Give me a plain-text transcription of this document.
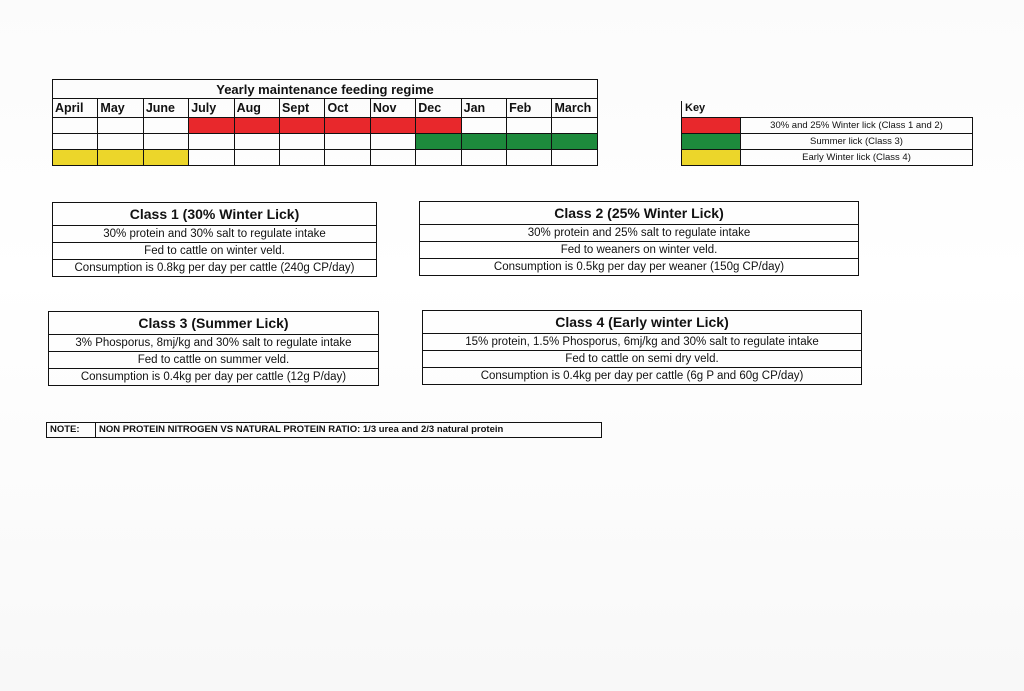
Yearly maintenance feeding regime											
April	May	June	July	Aug	Sept	Oct	Nov	Dec	Jan	Feb	March

												Key
	30% and 25% Winter lick (Class 1 and 2)
	Summer lick (Class 3)
	Early Winter lick (Class 4)
Class 1 (30% Winter Lick)
30% protein and 30% salt to regulate intake
Fed to cattle on winter veld.
Consumption is 0.8kg per day per cattle (240g CP/day)
Class 2 (25% Winter Lick)
30% protein and 25% salt to regulate intake
Fed to weaners on winter veld.
Consumption is 0.5kg per day per weaner (150g CP/day)
Class 3 (Summer Lick)
3% Phosporus, 8mj/kg and 30% salt to regulate intake
Fed to cattle on summer veld.
Consumption is 0.4kg per day per cattle (12g P/day)
Class 4 (Early winter Lick)
15% protein, 1.5% Phosporus, 6mj/kg and 30% salt to regulate intake
Fed to cattle on semi dry veld.
Consumption is 0.4kg per day per cattle (6g P and 60g CP/day)
NOTE:	NON PROTEIN NITROGEN VS NATURAL PROTEIN RATIO: 1/3 urea and 2/3 natural protein
